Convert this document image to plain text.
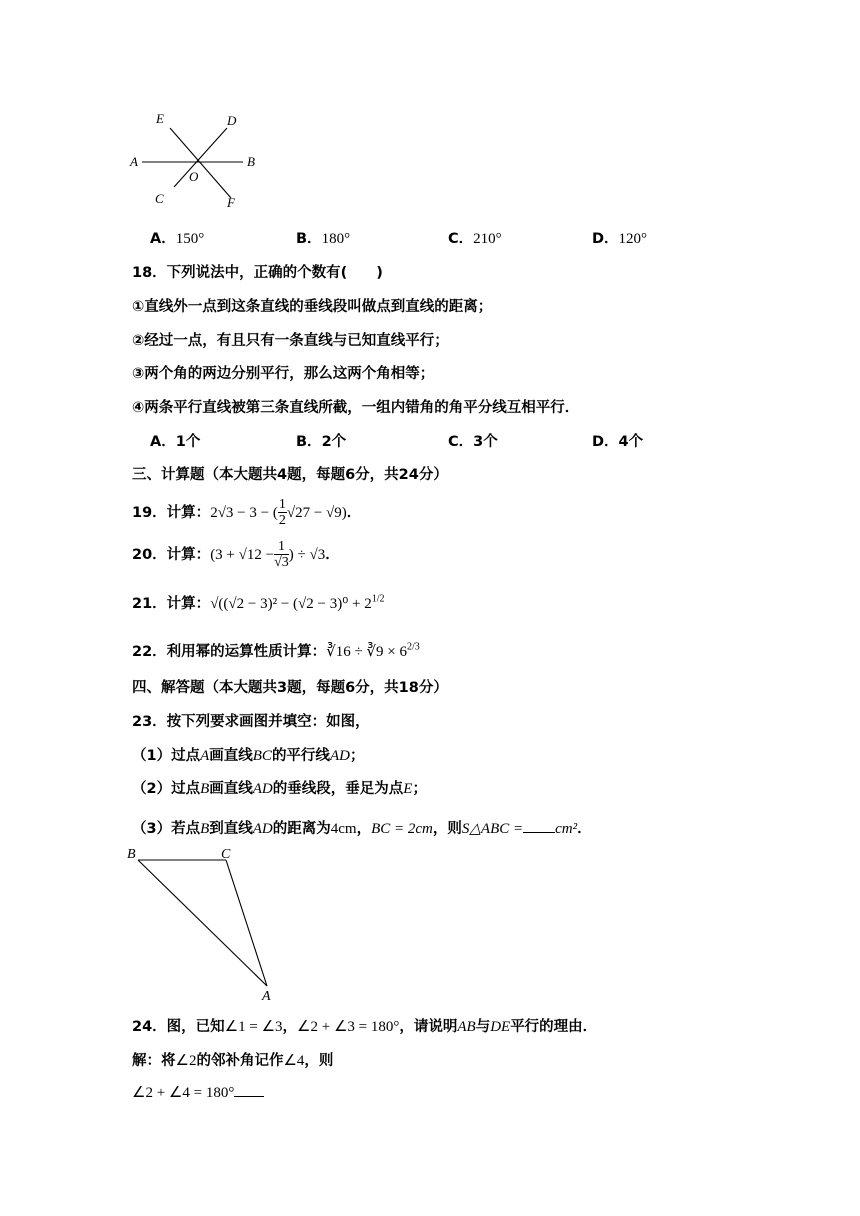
E	D
A	B
C
O
F
A．150°	B．180°	C．210°	D．120°
18．下列说法中，正确的个数有(　　)
①直线外一点到这条直线的垂线段叫做点到直线的距离；
②经过一点，有且只有一条直线与已知直线平行；
③两个角的两边分别平行，那么这两个角相等；
④两条平行直线被第三条直线所截，一组内错角的角平分线互相平行．
A．1个	B．2个	C．3个	D．4个
三、计算题（本大题共4题，每题6分，共24分）
19．计算：2√3 − 3 − ( $\frac{1}{2} √27 - √9$)．
20．计算：($3 + √12 - \frac{1}{√3}$ ) ÷ √3．
21．计算：$√((√2 - 3)^2 - (√2 - 3)^0 + 2^{1/2}$
22．利用幂的运算性质计算：∛16 ÷ ∛9 × $6^{2/3}$
四、解答题（本大题共3题，每题6分，共18分）
23．按下列要求画图并填空：如图，
（1）过点A画直线BC的平行线AD；
（2）过点B画直线AD的垂线段，垂足为点E；
（3）若点B到直线AD的距离为4cm，BC = 2cm，则S△ABC = cm²．
B	C
A
24．图，已知∠1 = ∠3，∠2 + ∠3 = 180°，请说明AB与DE平行的理由．
解：将∠2的邻补角记作∠4，则
∠2 + ∠4 = 180°
